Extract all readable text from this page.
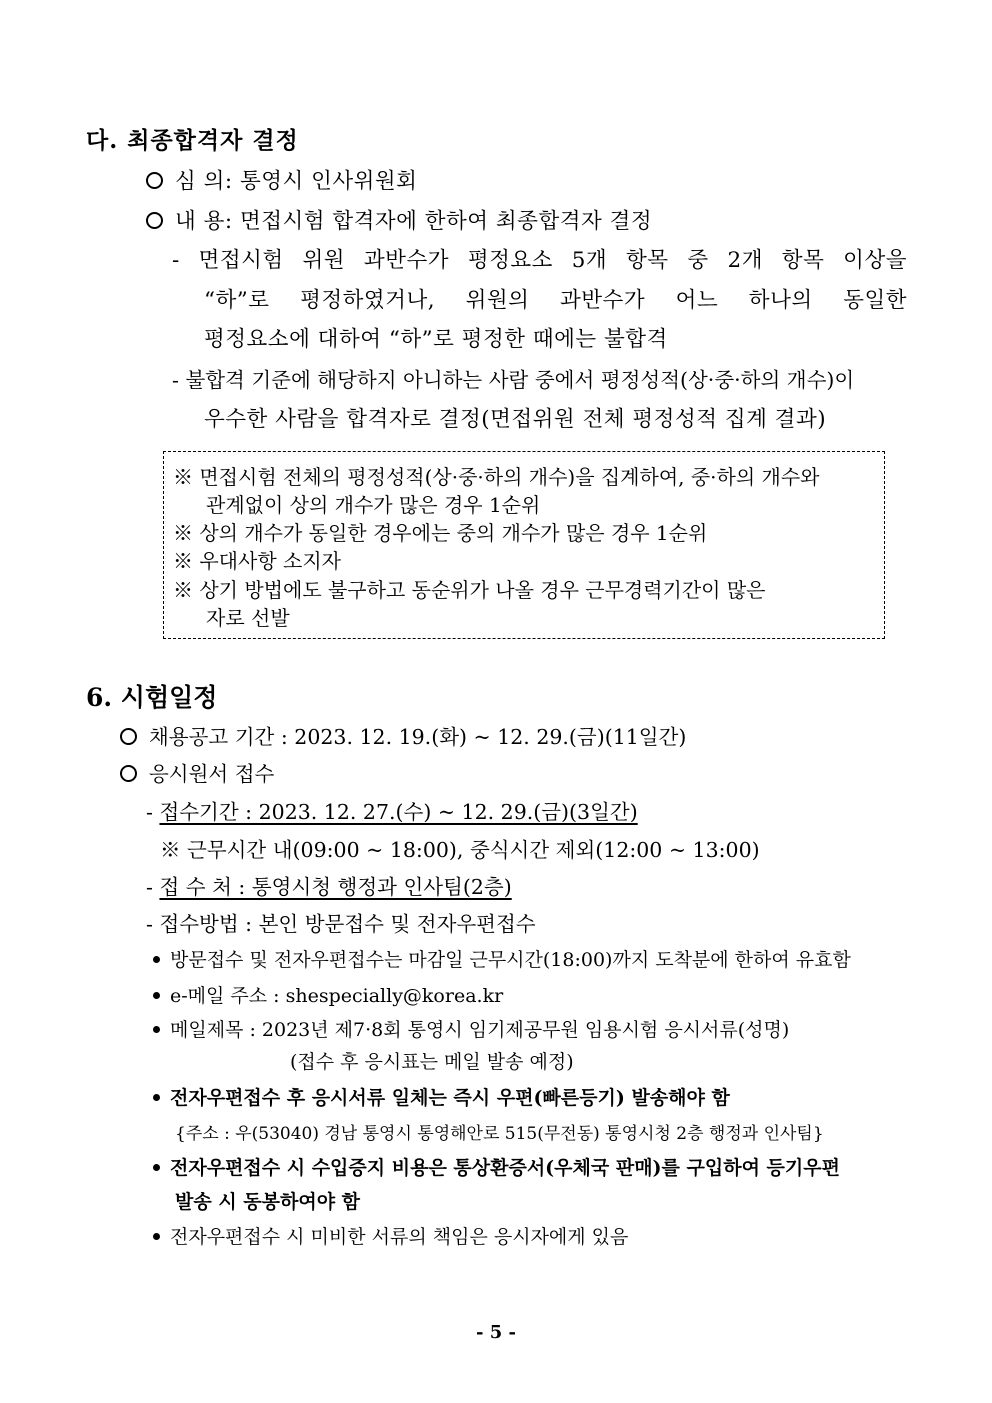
다. 최종합격자 결정
심 의: 통영시 인사위원회
내 용: 면접시험 합격자에 한하여 최종합격자 결정
- 면접시험 위원 과반수가 평정요소 5개 항목 중 2개 항목 이상을
“하”로 평정하였거나, 위원의 과반수가 어느 하나의 동일한
평정요소에 대하여 “하”로 평정한 때에는 불합격
- 불합격 기준에 해당하지 아니하는 사람 중에서 평정성적(상·중·하의 개수)이
우수한 사람을 합격자로 결정(면접위원 전체 평정성적 집계 결과)
※ 면접시험 전체의 평정성적(상·중·하의 개수)을 집계하여, 중·하의 개수와
관계없이 상의 개수가 많은 경우 1순위
※ 상의 개수가 동일한 경우에는 중의 개수가 많은 경우 1순위
※ 우대사항 소지자
※ 상기 방법에도 불구하고 동순위가 나올 경우 근무경력기간이 많은
자로 선발
6. 시험일정
채용공고 기간 : 2023. 12. 19.(화) ~ 12. 29.(금)(11일간)
응시원서 접수
- 접수기간 : 2023. 12. 27.(수) ~ 12. 29.(금)(3일간)
※ 근무시간 내(09:00 ~ 18:00), 중식시간 제외(12:00 ~ 13:00)
- 접 수 처 : 통영시청 행정과 인사팀(2층)
- 접수방법 : 본인 방문접수 및 전자우편접수
방문접수 및 전자우편접수는 마감일 근무시간(18:00)까지 도착분에 한하여 유효함
e-메일 주소 : shespecially@korea.kr
메일제목 : 2023년 제7·8회 통영시 임기제공무원 임용시험 응시서류(성명)
(접수 후 응시표는 메일 발송 예정)
전자우편접수 후 응시서류 일체는 즉시 우편(빠른등기) 발송해야 함
{주소 : 우(53040) 경남 통영시 통영해안로 515(무전동) 통영시청 2층 행정과 인사팀}
전자우편접수 시 수입증지 비용은 통상환증서(우체국 판매)를 구입하여 등기우편
발송 시 동봉하여야 함
전자우편접수 시 미비한 서류의 책임은 응시자에게 있음
- 5 -
